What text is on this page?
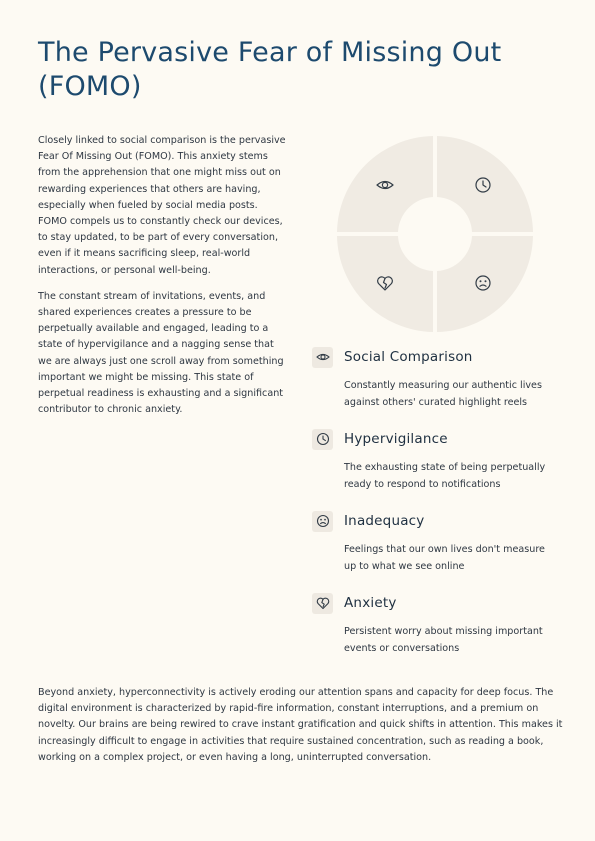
The Pervasive Fear of Missing Out (FOMO)

Closely linked to social comparison is the pervasive Fear Of Missing Out (FOMO). This anxiety stems from the apprehension that one might miss out on rewarding experiences that others are having, especially when fueled by social media posts. FOMO compels us to constantly check our devices, to stay updated, to be part of every conversation, even if it means sacrificing sleep, real-world interactions, or personal well-being.

The constant stream of invitations, events, and shared experiences creates a pressure to be perpetually available and engaged, leading to a state of hypervigilance and a nagging sense that we are always just one scroll away from something important we might be missing. This state of perpetual readiness is exhausting and a significant contributor to chronic anxiety.

Social Comparison
Constantly measuring our authentic lives against others' curated highlight reels
Hypervigilance
The exhausting state of being perpetually ready to respond to notifications
Inadequacy
Feelings that our own lives don't measure up to what we see online
Anxiety
Persistent worry about missing important events or conversations

Beyond anxiety, hyperconnectivity is actively eroding our attention spans and capacity for deep focus. The digital environment is characterized by rapid-fire information, constant interruptions, and a premium on novelty. Our brains are being rewired to crave instant gratification and quick shifts in attention. This makes it increasingly difficult to engage in activities that require sustained concentration, such as reading a book, working on a complex project, or even having a long, uninterrupted conversation.
